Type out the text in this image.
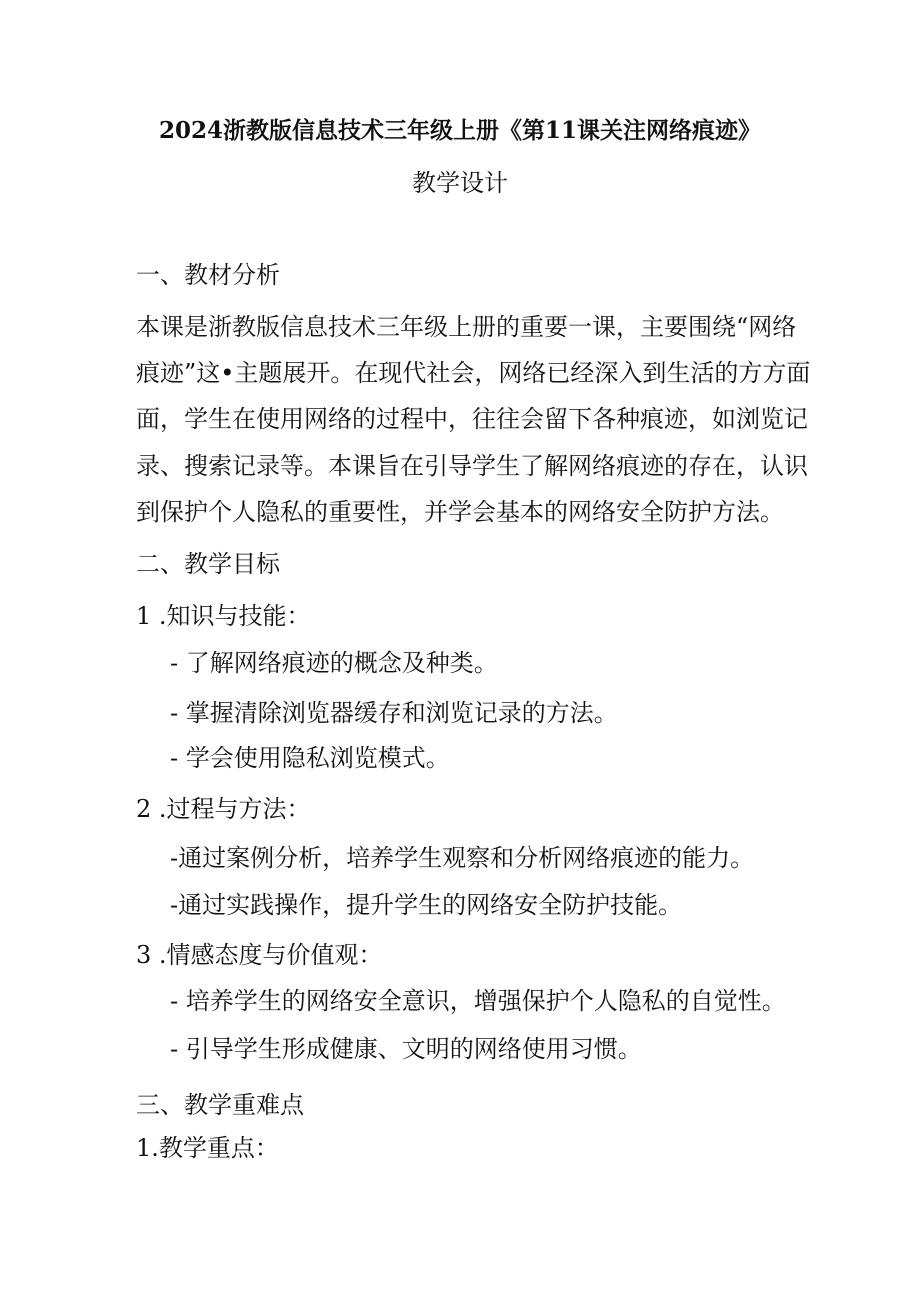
2024浙教版信息技术三年级上册《第11课关注网络痕迹》
教学设计
一、教材分析
本课是浙教版信息技术三年级上册的重要一课，主要围绕“网络
痕迹”这•主题展开。在现代社会，网络已经深入到生活的方方面
面，学生在使用网络的过程中，往往会留下各种痕迹，如浏览记
录、搜索记录等。本课旨在引导学生了解网络痕迹的存在，认识
到保护个人隐私的重要性，并学会基本的网络安全防护方法。
二、教学目标
1 .知识与技能：
- 了解网络痕迹的概念及种类。
- 掌握清除浏览器缓存和浏览记录的方法。
- 学会使用隐私浏览模式。
2 .过程与方法：
-通过案例分析，培养学生观察和分析网络痕迹的能力。
-通过实践操作，提升学生的网络安全防护技能。
3 .情感态度与价值观：
- 培养学生的网络安全意识，增强保护个人隐私的自觉性。
- 引导学生形成健康、文明的网络使用习惯。
三、教学重难点
1.教学重点：
